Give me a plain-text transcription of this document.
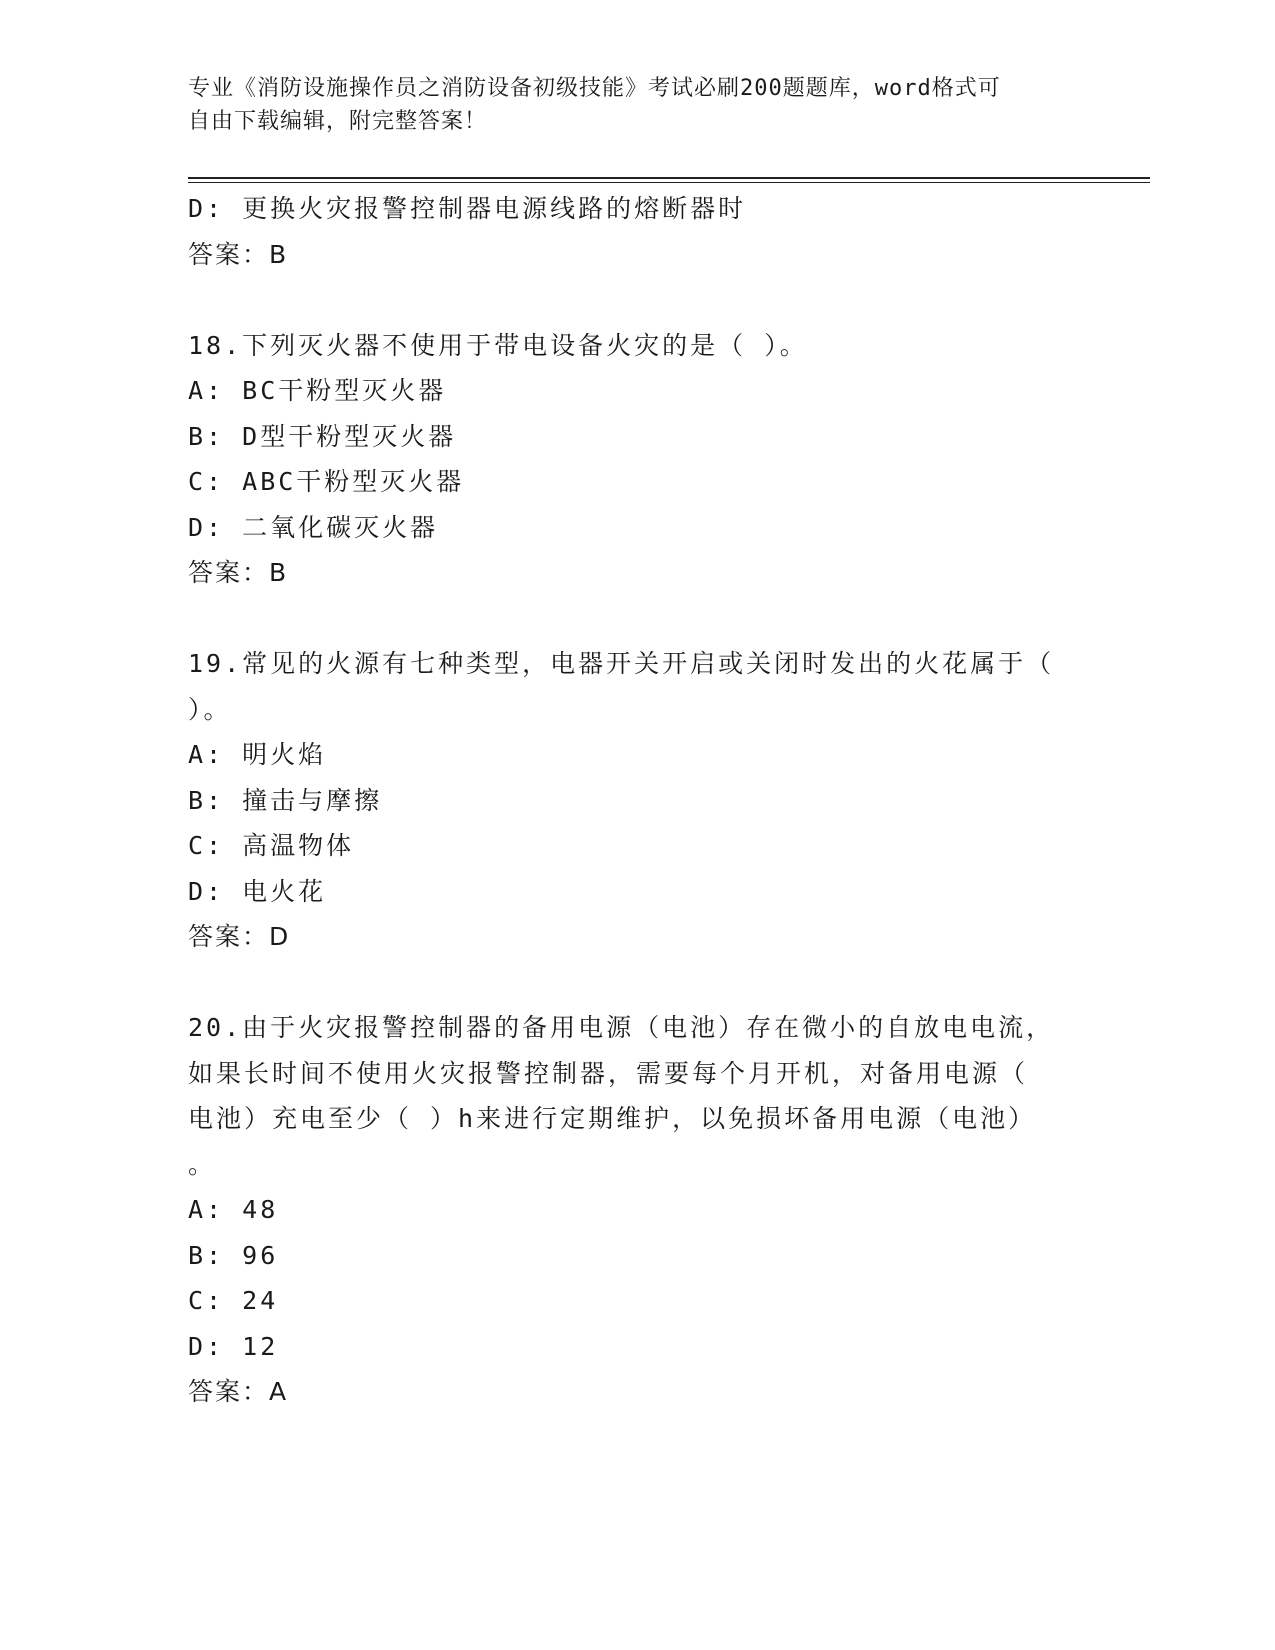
专业《消防设施操作员之消防设备初级技能》考试必刷200题题库，word格式可
自由下载编辑，附完整答案！
D: 更换火灾报警控制器电源线路的熔断器时
答案：B
18.下列灭火器不使用于带电设备火灾的是（ ）。
A: BC干粉型灭火器
B: D型干粉型灭火器
C: ABC干粉型灭火器
D: 二氧化碳灭火器
答案：B
19.常见的火源有七种类型，电器开关开启或关闭时发出的火花属于（
）。
A: 明火焰
B: 撞击与摩擦
C: 高温物体
D: 电火花
答案：D
20.由于火灾报警控制器的备用电源（电池）存在微小的自放电电流，
如果长时间不使用火灾报警控制器，需要每个月开机，对备用电源（
电池）充电至少（ ）h来进行定期维护，以免损坏备用电源（电池）
。
A: 48
B: 96
C: 24
D: 12
答案：A
